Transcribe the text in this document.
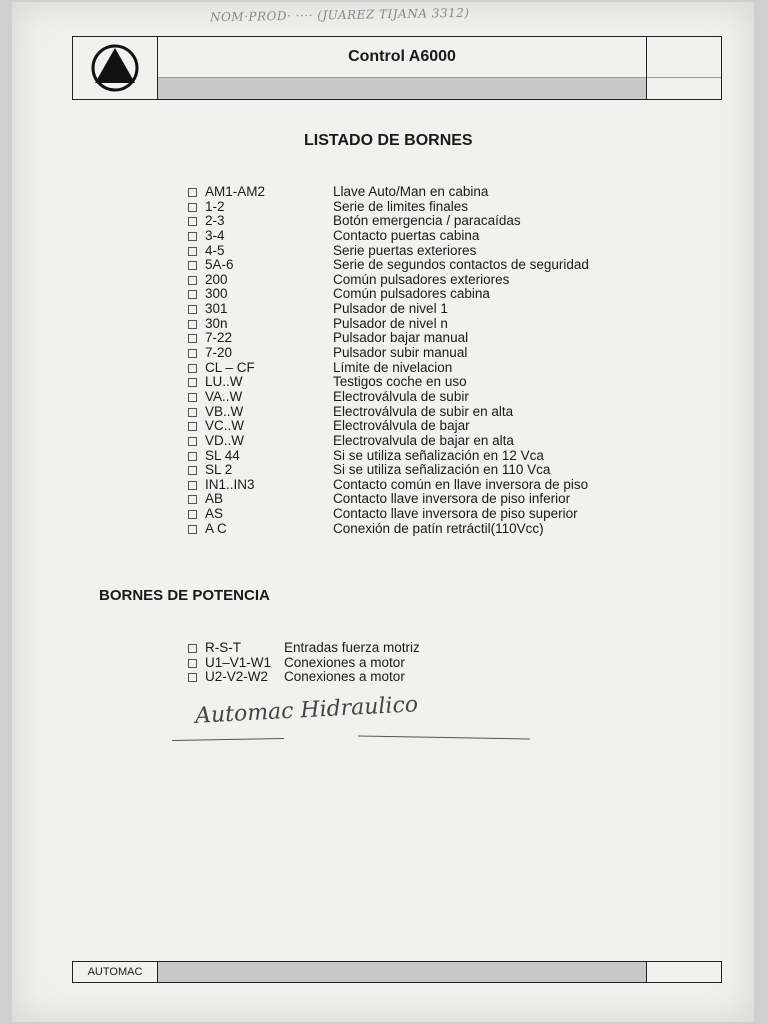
NOM·PROD· ···· (JUAREZ TIJANA 3312)
Control A6000
LISTADO DE BORNES
AM1-AM2	Llave Auto/Man en cabina
1-2	Serie de limites finales
2-3	Botón emergencia / paracaídas
3-4	Contacto puertas cabina
4-5	Serie puertas exteriores
5A-6	Serie de segundos contactos de seguridad
200	Común pulsadores exteriores
300	Común pulsadores cabina
301	Pulsador de nivel 1
30n	Pulsador de nivel n
7-22	Pulsador bajar manual
7-20	Pulsador subir manual
CL – CF	Límite de nivelacion
LU..W	Testigos coche en uso
VA..W	Electroválvula de subir
VB..W	Electroválvula de subir en alta
VC..W	Electroválvula de bajar
VD..W	Electrovalvula de bajar en alta
SL 44	Si se utiliza señalización en 12 Vca
SL 2	Si se utiliza señalización en 110 Vca
IN1..IN3	Contacto común en llave inversora de piso
AB	Contacto llave inversora de piso inferior
AS	Contacto llave inversora de piso superior
A C	Conexión de patín retráctil(110Vcc)
BORNES DE POTENCIA
R-S-T	Entradas fuerza motriz
U1–V1-W1 Conexiones a motor
U2-V2-W2 Conexiones a motor
Automac Hidraulico
AUTOMAC
